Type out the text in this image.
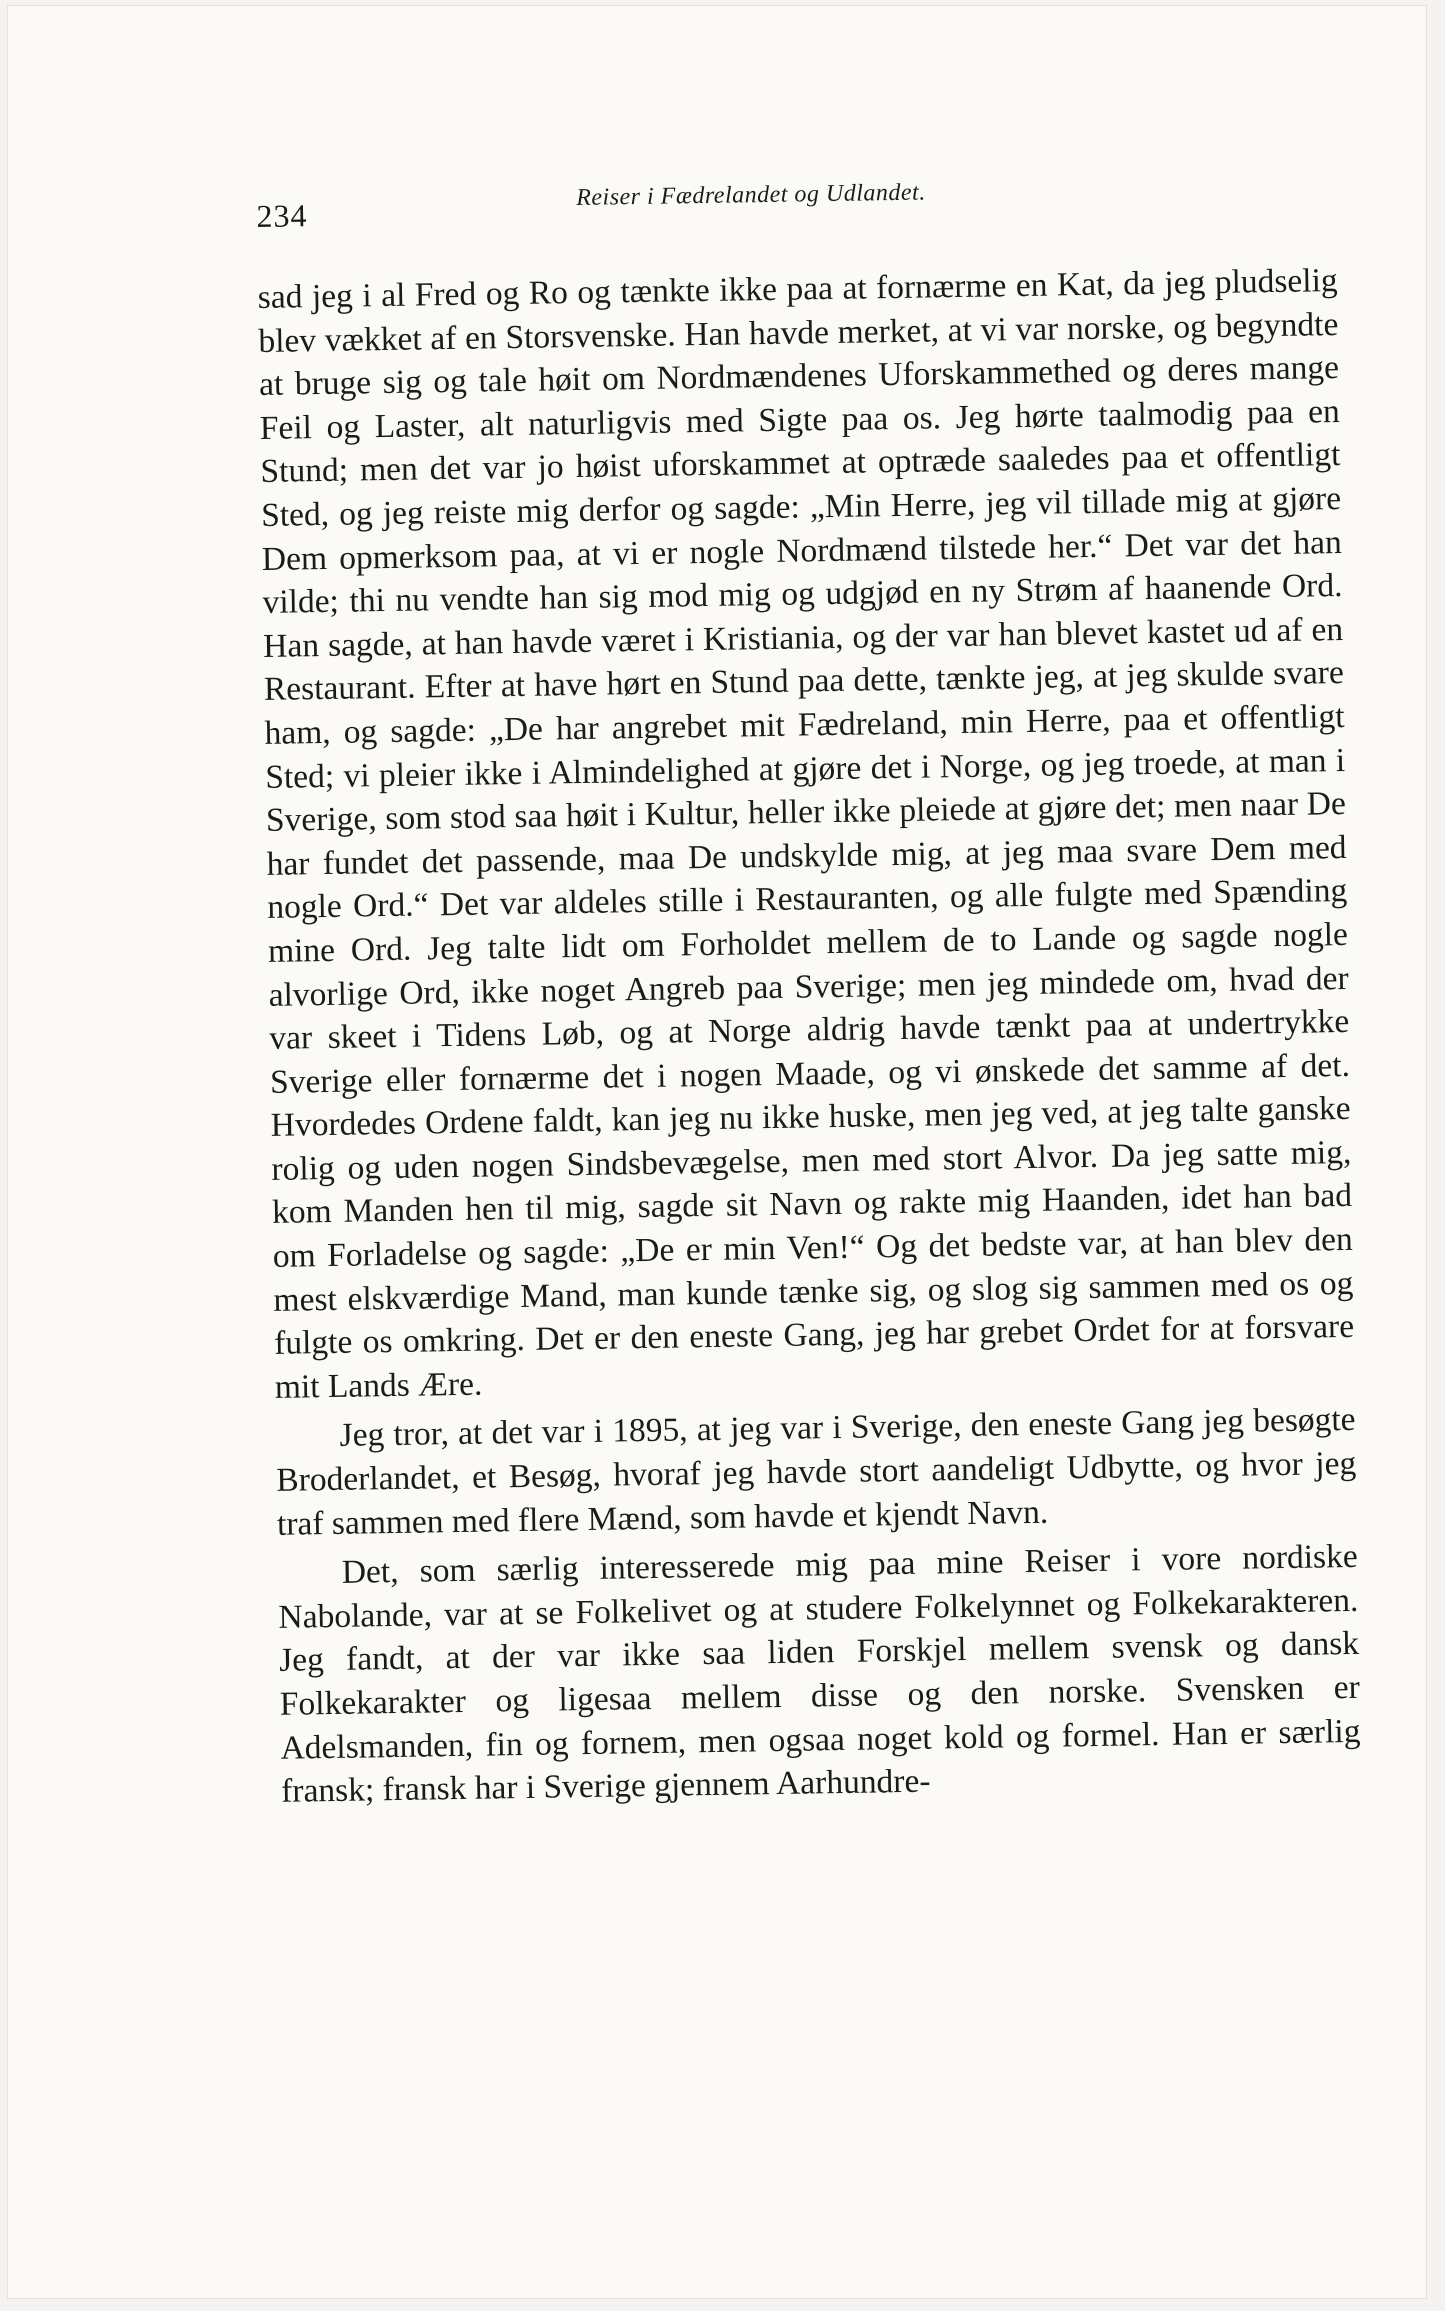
234
Reiser i Fædrelandet og Udlandet.

sad jeg i al Fred og Ro og tænkte ikke paa at fornærme en Kat, da jeg pludselig blev vækket af en Storsvenske. Han havde merket, at vi var norske, og begyndte at bruge sig og tale høit om Nordmændenes Uforskammethed og deres mange Feil og Laster, alt naturligvis med Sigte paa os. Jeg hørte taalmodig paa en Stund; men det var jo høist uforskammet at optræde saaledes paa et offentligt Sted, og jeg reiste mig derfor og sagde: „Min Herre, jeg vil tillade mig at gjøre Dem opmerksom paa, at vi er nogle Nordmænd tilstede her.“ Det var det han vilde; thi nu vendte han sig mod mig og udgjød en ny Strøm af haanende Ord. Han sagde, at han havde været i Kristiania, og der var han blevet kastet ud af en Restaurant. Efter at have hørt en Stund paa dette, tænkte jeg, at jeg skulde svare ham, og sagde: „De har angrebet mit Fædreland, min Herre, paa et offentligt Sted; vi pleier ikke i Almindelighed at gjøre det i Norge, og jeg troede, at man i Sverige, som stod saa høit i Kultur, heller ikke pleiede at gjøre det; men naar De har fundet det passende, maa De undskylde mig, at jeg maa svare Dem med nogle Ord.“ Det var aldeles stille i Restauranten, og alle fulgte med Spænding mine Ord. Jeg talte lidt om Forholdet mellem de to Lande og sagde nogle alvorlige Ord, ikke noget Angreb paa Sverige; men jeg mindede om, hvad der var skeet i Tidens Løb, og at Norge aldrig havde tænkt paa at undertrykke Sverige eller fornærme det i nogen Maade, og vi ønskede det samme af det. Hvordedes Ordene faldt, kan jeg nu ikke huske, men jeg ved, at jeg talte ganske rolig og uden nogen Sindsbevægelse, men med stort Alvor. Da jeg satte mig, kom Manden hen til mig, sagde sit Navn og rakte mig Haanden, idet han bad om Forladelse og sagde: „De er min Ven!“ Og det bedste var, at han blev den mest elskværdige Mand, man kunde tænke sig, og slog sig sammen med os og fulgte os omkring. Det er den eneste Gang, jeg har grebet Ordet for at forsvare mit Lands Ære.

Jeg tror, at det var i 1895, at jeg var i Sverige, den eneste Gang jeg besøgte Broderlandet, et Besøg, hvoraf jeg havde stort aandeligt Udbytte, og hvor jeg traf sammen med flere Mænd, som havde et kjendt Navn.

Det, som særlig interesserede mig paa mine Reiser i vore nordiske Nabolande, var at se Folkelivet og at studere Folkelynnet og Folkekarakteren. Jeg fandt, at der var ikke saa liden Forskjel mellem svensk og dansk Folkekarakter og ligesaa mellem disse og den norske. Svensken er Adelsmanden, fin og fornem, men ogsaa noget kold og formel. Han er særlig fransk; fransk har i Sverige gjennem Aarhundre-
